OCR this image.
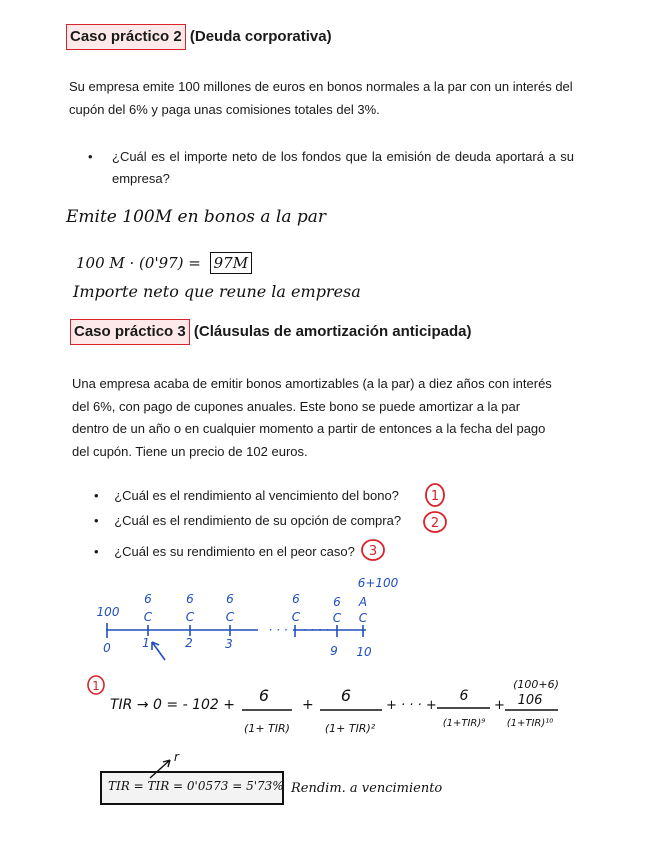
Caso práctico 2 (Deuda corporativa)
Su empresa emite 100 millones de euros en bonos normales a la par con un interés del cupón del 6% y paga unas comisiones totales del 3%.
• ¿Cuál es el importe neto de los fondos que la emisión de deuda aportará a su empresa?
Emite 100M en bonos a la par
100 M · (0'97) = 97M
Importe neto que reune la empresa
Caso práctico 3 (Cláusulas de amortización anticipada)
Una empresa acaba de emitir bonos amortizables (a la par) a diez años con interés del 6%, con pago de cupones anuales. Este bono se puede amortizar a la par dentro de un año o en cualquier momento a partir de entonces a la fecha del pago del cupón. Tiene un precio de 102 euros.
• ¿Cuál es el rendimiento al vencimiento del bono?
• ¿Cuál es el rendimiento de su opción de compra?
• ¿Cuál es su rendimiento en el peor caso?
1
2
3
6+100
100
6	6	6	6	6
C	C	C	C	C
A
C
0	1	2	3	9 10
· · · · · · ·
1
TIR → 0 = - 102 + 6
(1+ TIR)
+ 6
(1+ TIR)²
+ · · · +
6
(1+TIR)⁹
+
(100+6)
106
(1+TIR)¹⁰
TIR = TIR = 0'0573 = 5'73%
r
Rendim. a vencimiento
